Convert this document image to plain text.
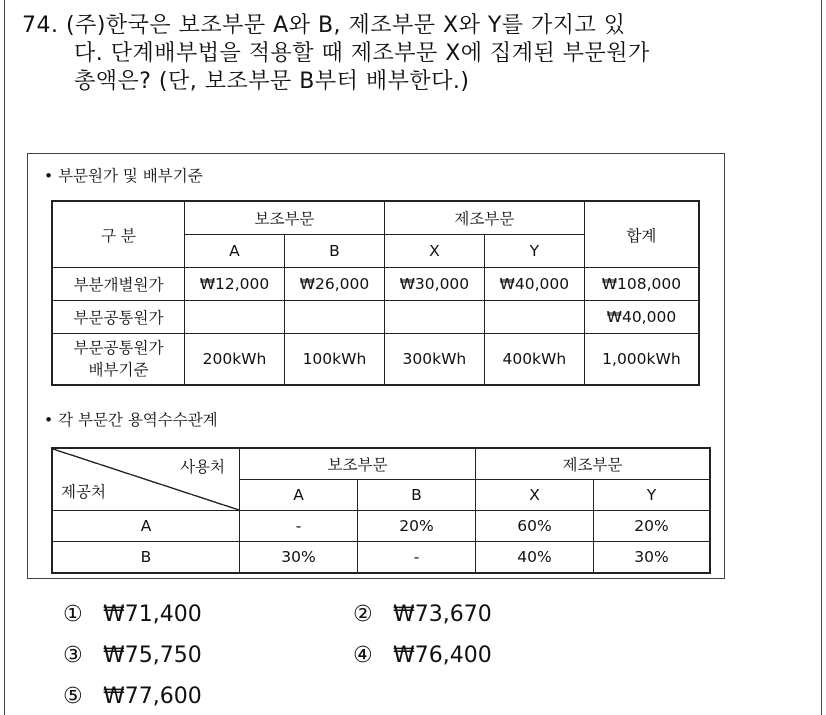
74. (주)한국은 보조부문 A와 B, 제조부문 X와 Y를 가지고 있
다. 단계배부법을 적용할 때 제조부문 X에 집계된 부문원가
총액은? (단, 보조부문 B부터 배부한다.)
• 부문원가 및 배부기준
구 분	보조부문		제조부문		합계
	A	B	X	Y	
부분개별원가	₩12,000	₩26,000	₩30,000	₩40,000	₩108,000
부문공통원가					₩40,000

부문공통원가
배부기준	200kWh	100kWh	300kWh	400kWh	1,000kWh
• 각 부문간 용역수수관계
사용처
제공처	보조부문		제조부문	
	A	B	X	Y
A	-	20%	60%	20%
B	30%	-	40%	30%
① ₩71,400	② ₩73,670
③ ₩75,750	④ ₩76,400
⑤ ₩77,600
